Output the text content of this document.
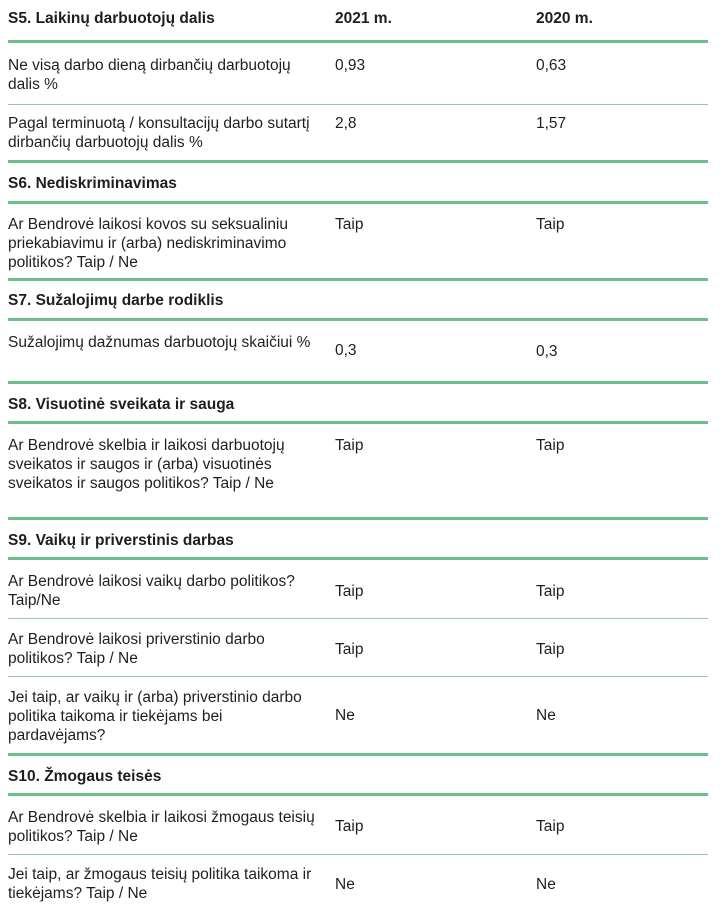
S5. Laikinų darbuotojų dalis	2021 m.	2020 m.
Ne visą darbo dieną dirbančių darbuotojų dalis %
0,93	0,63
Pagal terminuotą / konsultacijų darbo sutartį dirbančių darbuotojų dalis %
2,8	1,57
S6. Nediskriminavimas
Ar Bendrovė laikosi kovos su seksualiniu priekabiavimu ir (arba) nediskriminavimo politikos? Taip / Ne
Taip	Taip
S7. Sužalojimų darbe rodiklis
Sužalojimų dažnumas darbuotojų skaičiui %	0,3	0,3
S8. Visuotinė sveikata ir sauga
Ar Bendrovė skelbia ir laikosi darbuotojų sveikatos ir saugos ir (arba) visuotinės sveikatos ir saugos politikos? Taip / Ne
Taip	Taip
S9. Vaikų ir priverstinis darbas
Ar Bendrovė laikosi vaikų darbo politikos? Taip/Ne
Taip	Taip
Ar Bendrovė laikosi priverstinio darbo politikos? Taip / Ne
Taip	Taip
Jei taip, ar vaikų ir (arba) priverstinio darbo politika taikoma ir tiekėjams bei pardavėjams?
Ne	Ne
S10. Žmogaus teisės
Ar Bendrovė skelbia ir laikosi žmogaus teisių politikos? Taip / Ne
Taip	Taip
Jei taip, ar žmogaus teisių politika taikoma ir tiekėjams? Taip / Ne
Ne	Ne
